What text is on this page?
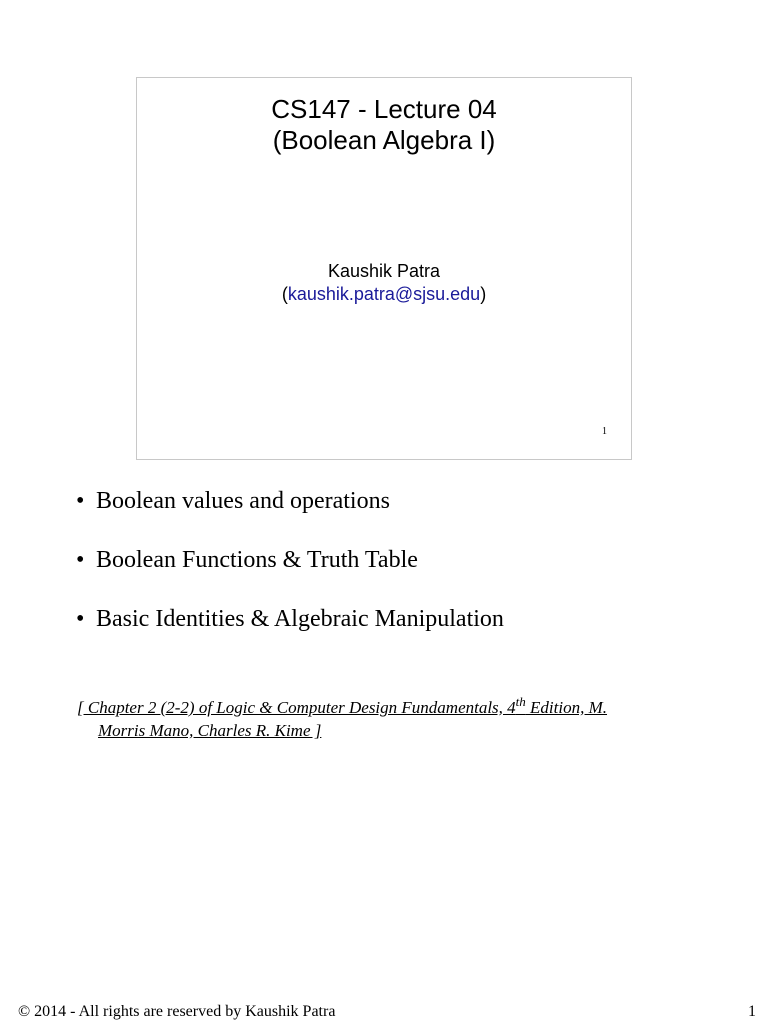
CS147 - Lecture 04
(Boolean Algebra I)
Kaushik Patra
(kaushik.patra@sjsu.edu)
1
• Boolean values and operations
• Boolean Functions & Truth Table
• Basic Identities & Algebraic Manipulation
[ Chapter 2 (2-2) of Logic & Computer Design Fundamentals, 4th Edition, M.
Morris Mano, Charles R. Kime ]
© 2014 - All rights are reserved by Kaushik Patra	1
